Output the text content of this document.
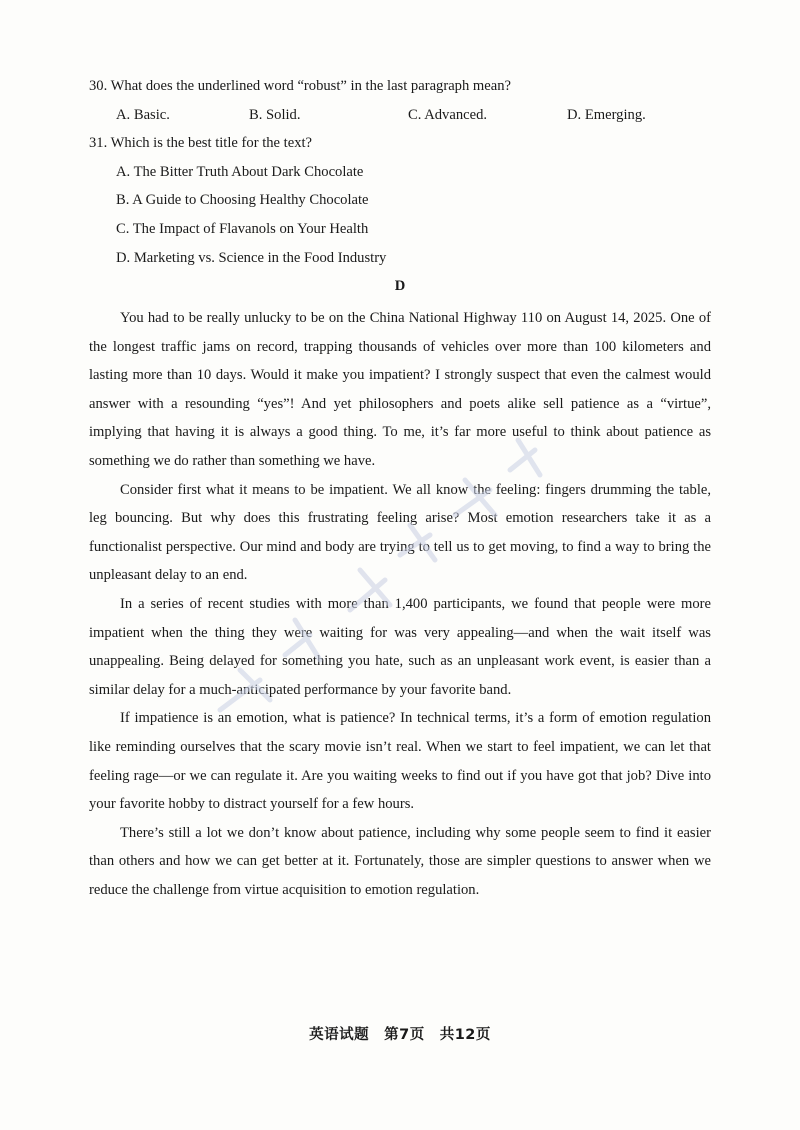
30. What does the underlined word “robust” in the last paragraph mean?
A. Basic.	B. Solid.	C. Advanced.	D. Emerging.
31. Which is the best title for the text?
A. The Bitter Truth About Dark Chocolate
B. A Guide to Choosing Healthy Chocolate
C. The Impact of Flavanols on Your Health
D. Marketing vs. Science in the Food Industry
D

You had to be really unlucky to be on the China National Highway 110 on August 14, 2025. One of the longest traffic jams on record, trapping thousands of vehicles over more than 100 kilometers and lasting more than 10 days. Would it make you impatient? I strongly suspect that even the calmest would answer with a resounding “yes”! And yet philosophers and poets alike sell patience as a “virtue”, implying that having it is always a good thing. To me, it’s far more useful to think about patience as something we do rather than something we have.

Consider first what it means to be impatient. We all know the feeling: fingers drumming the table, leg bouncing. But why does this frustrating feeling arise? Most emotion researchers take it as a functionalist perspective. Our mind and body are trying to tell us to get moving, to find a way to bring the unpleasant delay to an end.

In a series of recent studies with more than 1,400 participants, we found that people were more impatient when the thing they were waiting for was very appealing—and when the wait itself was unappealing. Being delayed for something you hate, such as an unpleasant work event, is easier than a similar delay for a much-anticipated performance by your favorite band.

If impatience is an emotion, what is patience? In technical terms, it’s a form of emotion regulation like reminding ourselves that the scary movie isn’t real. When we start to feel impatient, we can let that feeling rage—or we can regulate it. Are you waiting weeks to find out if you have got that job? Dive into your favorite hobby to distract yourself for a few hours.

There’s still a lot we don’t know about patience, including why some people seem to find it easier than others and how we can get better at it. Fortunately, those are simpler questions to answer when we reduce the challenge from virtue acquisition to emotion regulation.

英语试题　第7页　共12页
